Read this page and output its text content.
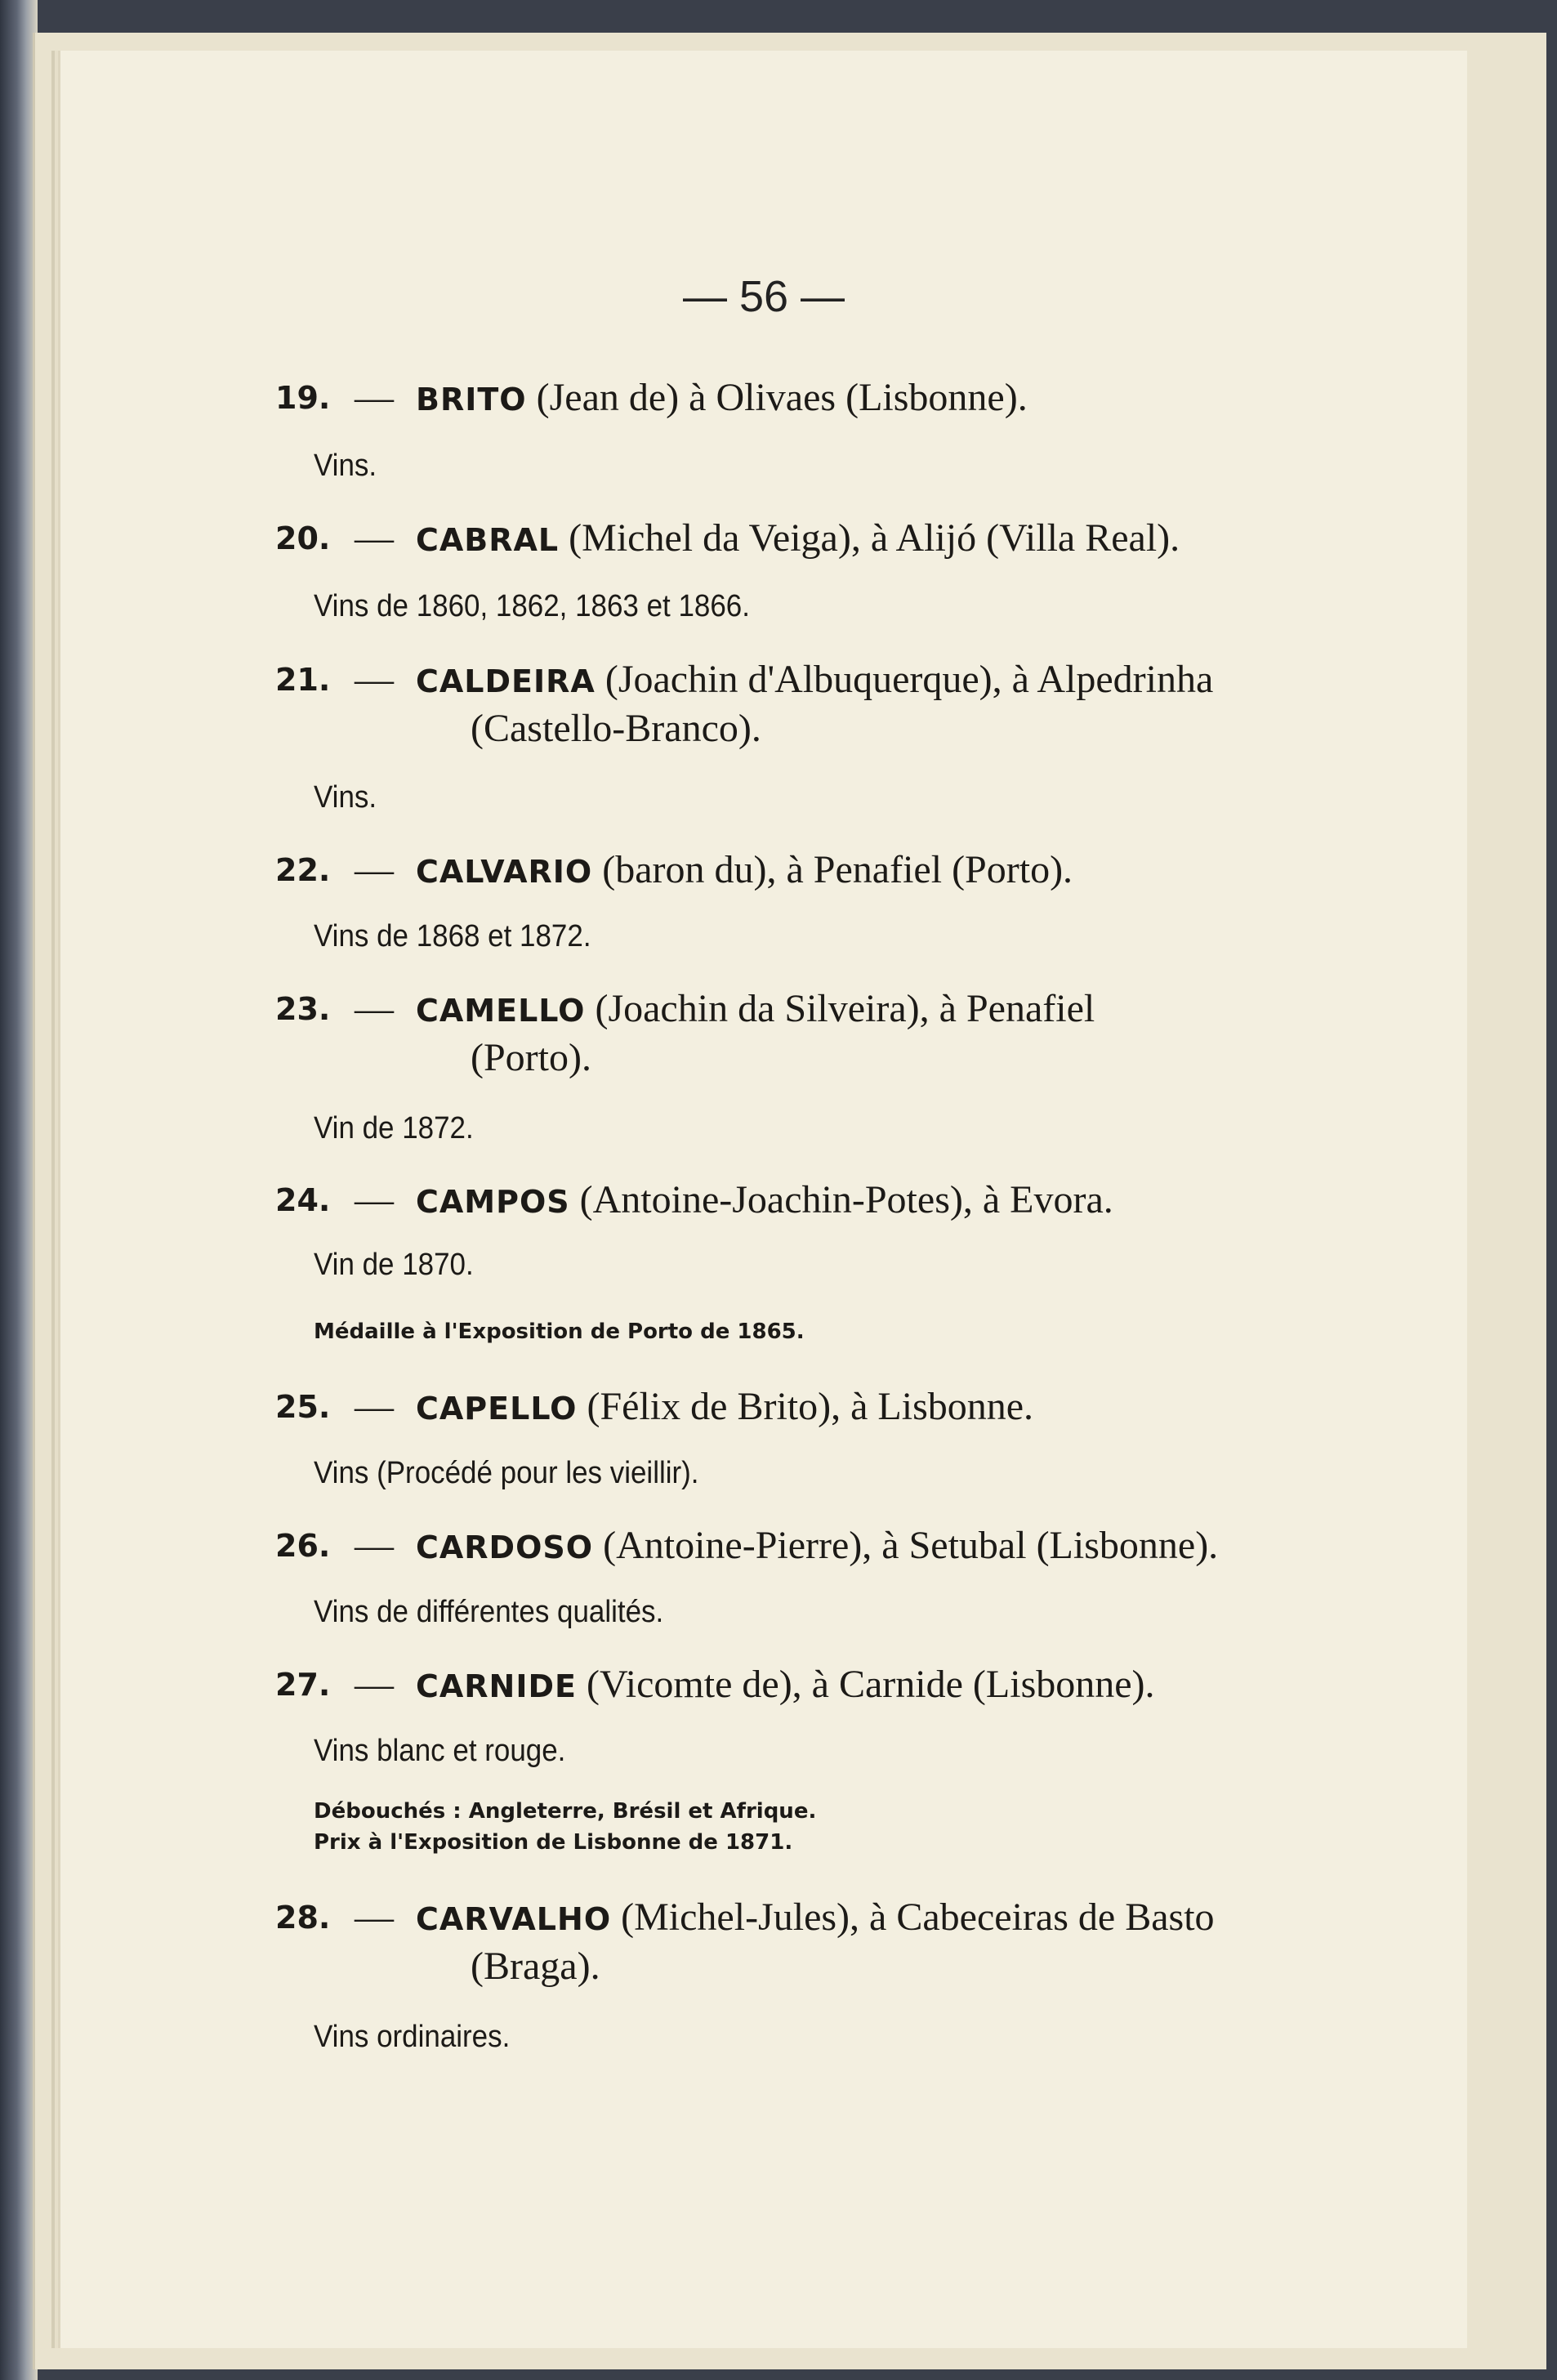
— 56 —
19. — BRITO (Jean de) à Olivaes (Lisbonne).
Vins.
20. — CABRAL (Michel da Veiga), à Alijó (Villa Real).
Vins de 1860, 1862, 1863 et 1866.
21. — CALDEIRA (Joachin d'Albuquerque), à Alpedrinha
(Castello-Branco).
Vins.
22. — CALVARIO (baron du), à Penafiel (Porto).
Vins de 1868 et 1872.
23. — CAMELLO (Joachin da Silveira), à Penafiel
(Porto).
Vin de 1872.
24. — CAMPOS (Antoine-Joachin-Potes), à Evora.
Vin de 1870.
Médaille à l'Exposition de Porto de 1865.
25. — CAPELLO (Félix de Brito), à Lisbonne.
Vins (Procédé pour les vieillir).
26. — CARDOSO (Antoine-Pierre), à Setubal (Lisbonne).
Vins de différentes qualités.
27. — CARNIDE (Vicomte de), à Carnide (Lisbonne).
Vins blanc et rouge.
Débouchés : Angleterre, Brésil et Afrique.
Prix à l'Exposition de Lisbonne de 1871.
28. — CARVALHO (Michel-Jules), à Cabeceiras de Basto
(Braga).
Vins ordinaires.
